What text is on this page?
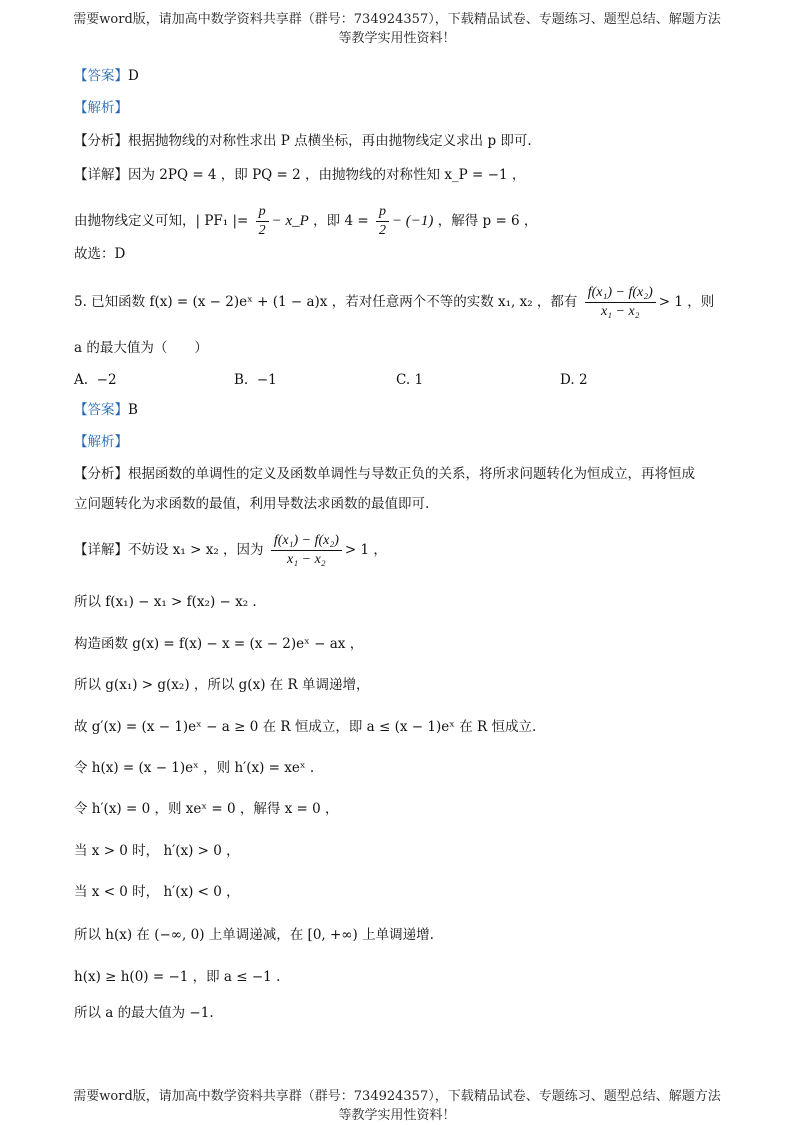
需要word版，请加高中数学资料共享群（群号：734924357），下载精品试卷、专题练习、题型总结、解题方法
等教学实用性资料！
【答案】D
【解析】
【分析】根据抛物线的对称性求出 P 点横坐标，再由抛物线定义求出 p 即可.
【详解】因为 2PQ = 4 ，即 PQ = 2 ，由抛物线的对称性知 x_P = −1 ，
由抛物线定义可知，| PF₁ |= $\frac{p}{2}$ − x_P ，即 $4 = \frac{p}{2} - (-1)$ ，解得 p = 6 ，
故选：D
5. 已知函数 f(x) = (x − 2)eˣ + (1 − a)x ，若对任意两个不等的实数 x₁, x₂ ，都有 $\frac{\text{f(x₁) − f(x₂)}}{\text{x₁ − x₂}} > 1$ ，则
a 的最大值为（　　）
A. −2	B. −1	C. 1	D. 2
【答案】B
【解析】
【分析】根据函数的单调性的定义及函数单调性与导数正负的关系，将所求问题转化为恒成立，再将恒成
立问题转化为求函数的最值，利用导数法求函数的最值即可.
【详解】不妨设 x₁ > x₂ ，因为 $\frac{\text{f(x₁) − f(x₂)}}{\text{x₁ − x₂}} > 1$ ，
所以 f(x₁) − x₁ > f(x₂) − x₂ .
构造函数 g(x) = f(x) − x = (x − 2)eˣ − ax ，
所以 g(x₁) > g(x₂) ，所以 g(x) 在 R 单调递增，
故 g′(x) = (x − 1)eˣ − a ≥ 0 在 R 恒成立，即 a ≤ (x − 1)eˣ 在 R 恒成立.
令 h(x) = (x − 1)eˣ ，则 h′(x) = xeˣ .
令 h′(x) = 0 ，则 xeˣ = 0 ，解得 x = 0 ，
当 x > 0 时， h′(x) > 0 ，
当 x < 0 时， h′(x) < 0 ，
所以 h(x) 在 (−∞, 0) 上单调递减，在 [0, +∞) 上单调递增.
h(x) ≥ h(0) = −1 ，即 a ≤ −1 .
所以 a 的最大值为 −1.
需要word版，请加高中数学资料共享群（群号：734924357），下载精品试卷、专题练习、题型总结、解题方法
等教学实用性资料！
